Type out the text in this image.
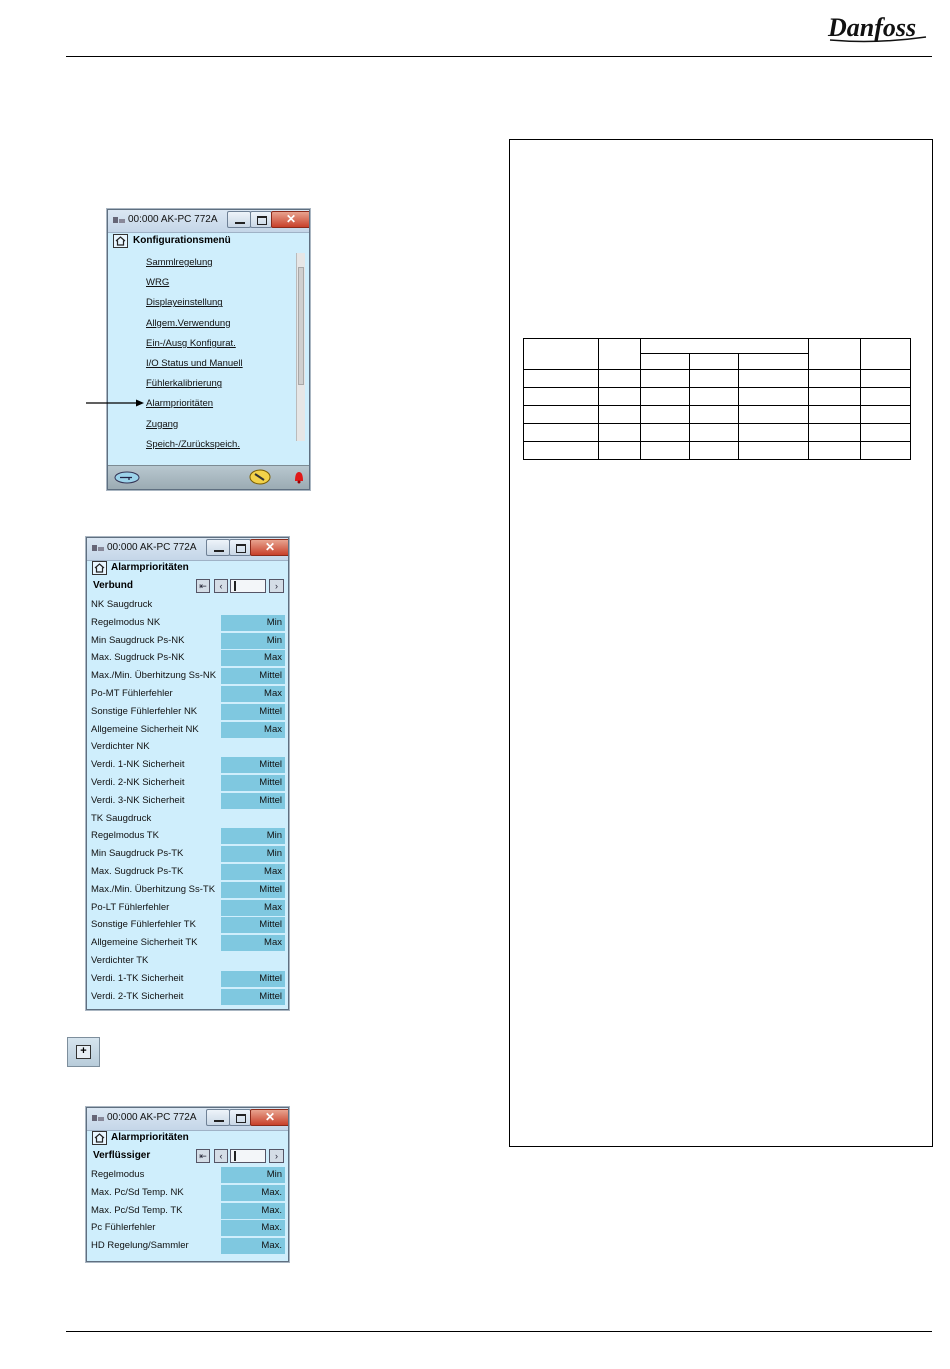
Danfoss
00:000 AK-PC 772A	✕
Konfigurationsmenü
Sammlregelung
WRG
Displayeinstellung
Allgem.Verwendung
Ein-/Ausg Konfigurat.
I/O Status und Manuell
Fühlerkalibrierung
Alarmprioritäten
Zugang
Speich-/Zurückspeich.
00:000 AK-PC 772A	✕
Alarmprioritäten
Verbund	⇤	‹	›
NK Saugdruck
Regelmodus NK	Min
Min Saugdruck Ps-NK	Min
Max. Sugdruck Ps-NK	Max
Max./Min. Überhitzung Ss-NK	Mittel
Po-MT Fühlerfehler	Max
Sonstige Fühlerfehler NK	Mittel
Allgemeine Sicherheit NK	Max
Verdichter NK
Verdi. 1-NK Sicherheit	Mittel
Verdi. 2-NK Sicherheit	Mittel
Verdi. 3-NK Sicherheit	Mittel
TK Saugdruck
Regelmodus TK	Min
Min Saugdruck Ps-TK	Min
Max. Sugdruck Ps-TK	Max
Max./Min. Überhitzung Ss-TK	Mittel
Po-LT Fühlerfehler	Max
Sonstige Fühlerfehler TK	Mittel
Allgemeine Sicherheit TK	Max
Verdichter TK
Verdi. 1-TK Sicherheit	Mittel
Verdi. 2-TK Sicherheit	Mittel
+
00:000 AK-PC 772A	✕
Alarmprioritäten
Verflüssiger	⇤	‹	›
Regelmodus	Min
Max. Pc/Sd Temp. NK	Max.
Max. Pc/Sd Temp. TK	Max.
Pc Fühlerfehler	Max.
HD Regelung/Sammler	Max.
